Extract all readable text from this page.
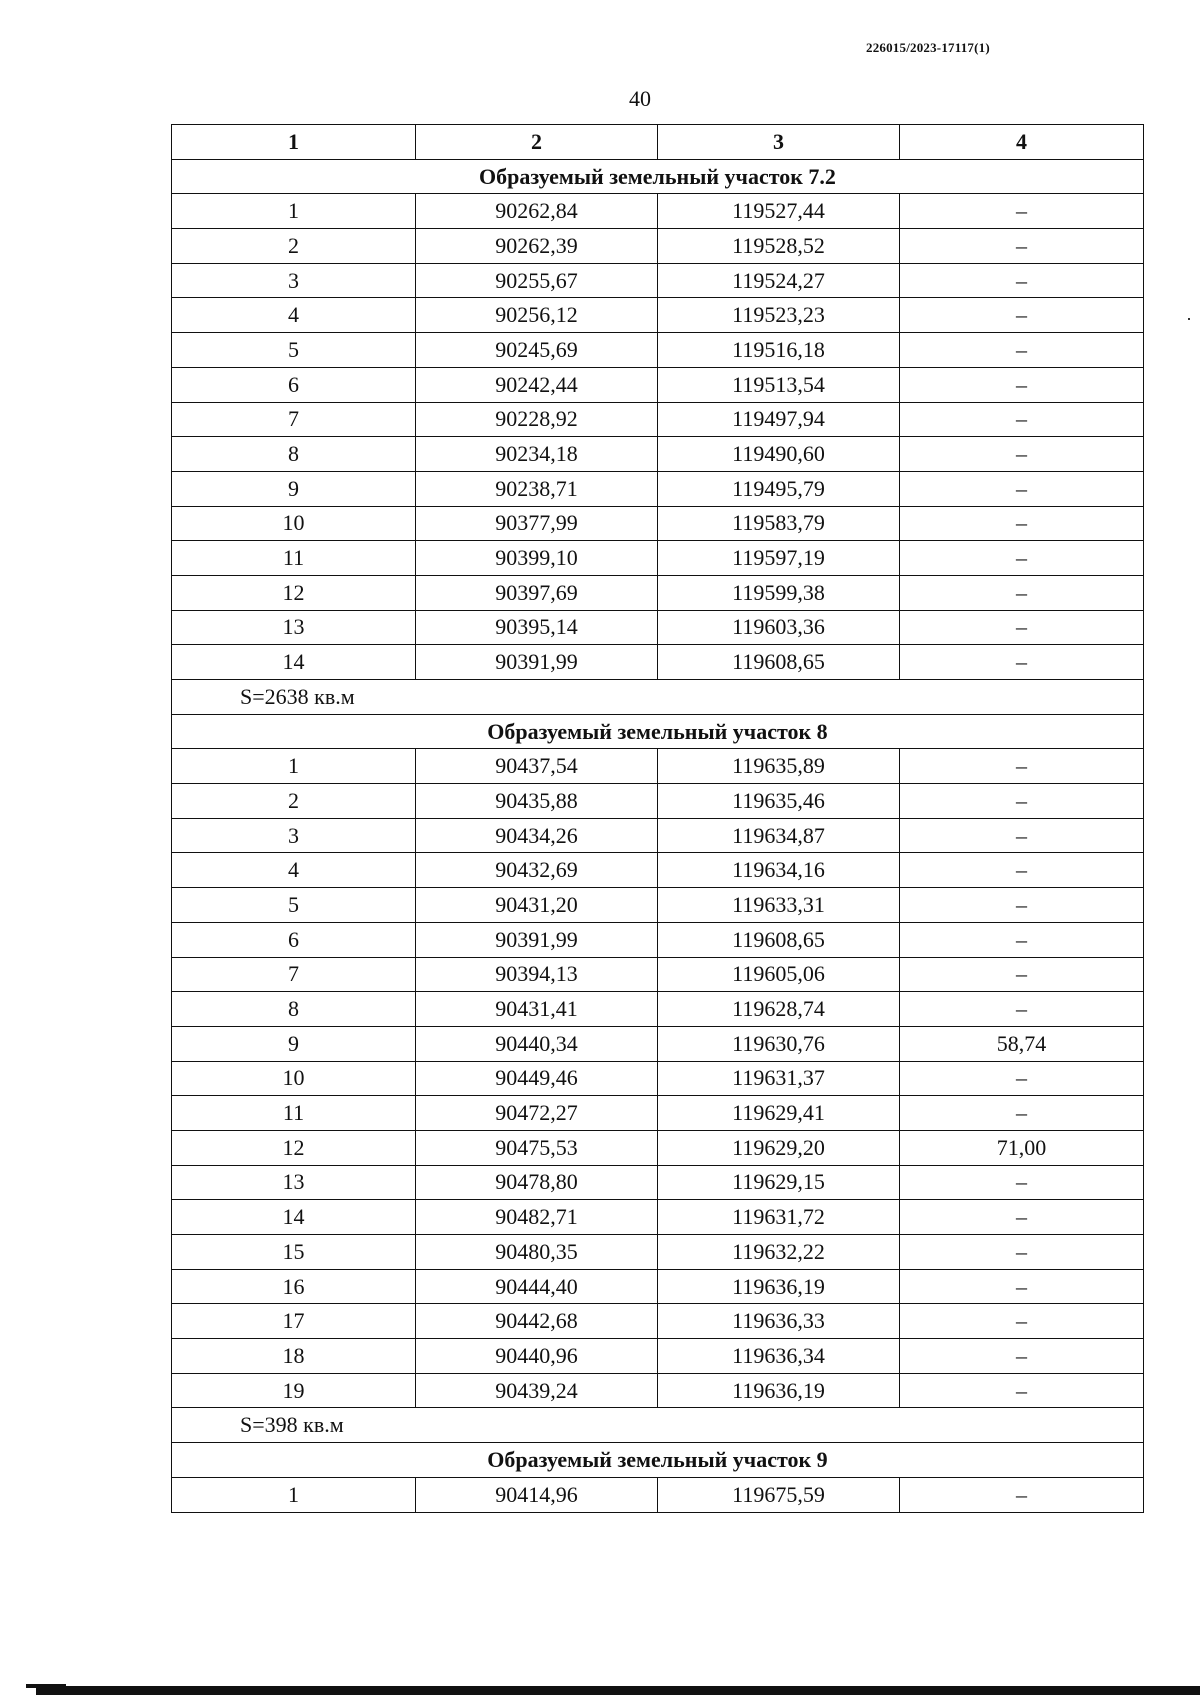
226015/2023-17117(1)
40
1	2	3	4
Образуемый земельный участок 7.2			
1	90262,84	119527,44	–
2	90262,39	119528,52	–
3	90255,67	119524,27	–
4	90256,12	119523,23	–
5	90245,69	119516,18	–
6	90242,44	119513,54	–
7	90228,92	119497,94	–
8	90234,18	119490,60	–
9	90238,71	119495,79	–
10	90377,99	119583,79	–
11	90399,10	119597,19	–
12	90397,69	119599,38	–
13	90395,14	119603,36	–
14	90391,99	119608,65	–
S=2638 кв.м			
Образуемый земельный участок 8			
1	90437,54	119635,89	–
2	90435,88	119635,46	–
3	90434,26	119634,87	–
4	90432,69	119634,16	–
5	90431,20	119633,31	–
6	90391,99	119608,65	–
7	90394,13	119605,06	–
8	90431,41	119628,74	–
9	90440,34	119630,76	58,74
10	90449,46	119631,37	–
11	90472,27	119629,41	–
12	90475,53	119629,20	71,00
13	90478,80	119629,15	–
14	90482,71	119631,72	–
15	90480,35	119632,22	–
16	90444,40	119636,19	–
17	90442,68	119636,33	–
18	90440,96	119636,34	–
19	90439,24	119636,19	–
S=398 кв.м			
Образуемый земельный участок 9			
1	90414,96	119675,59	–
